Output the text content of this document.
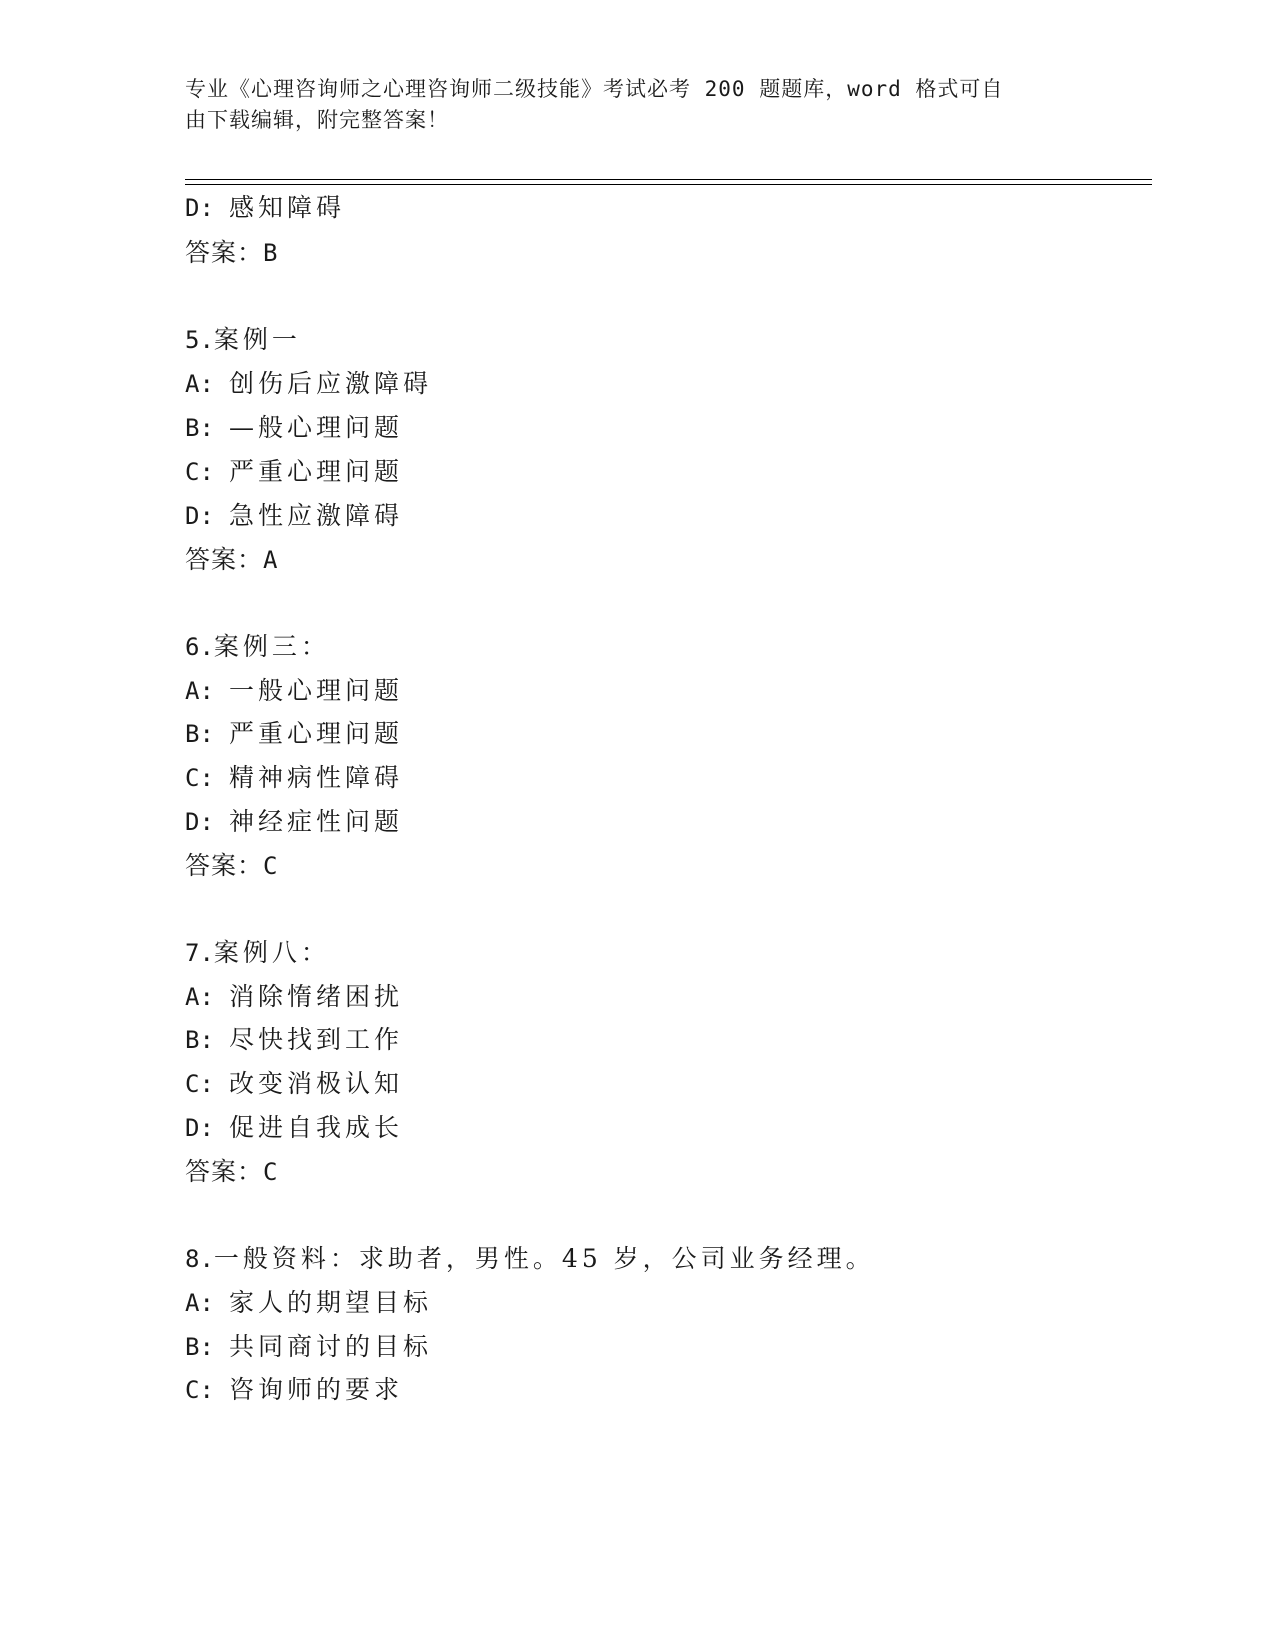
专业《心理咨询师之心理咨询师二级技能》考试必考 200 题题库，word 格式可自
由下载编辑，附完整答案！
D: 感知障碍
答案：B
5.案例一
A: 创伤后应激障碍
B: —般心理问题
C: 严重心理问题
D: 急性应激障碍
答案：A
6.案例三：
A: 一般心理问题
B: 严重心理问题
C: 精神病性障碍
D: 神经症性问题
答案：C
7.案例八：
A: 消除惰绪困扰
B: 尽快找到工作
C: 改变消极认知
D: 促进自我成长
答案：C
8.一般资料：求助者，男性。45 岁，公司业务经理。
A: 家人的期望目标
B: 共同商讨的目标
C: 咨询师的要求
